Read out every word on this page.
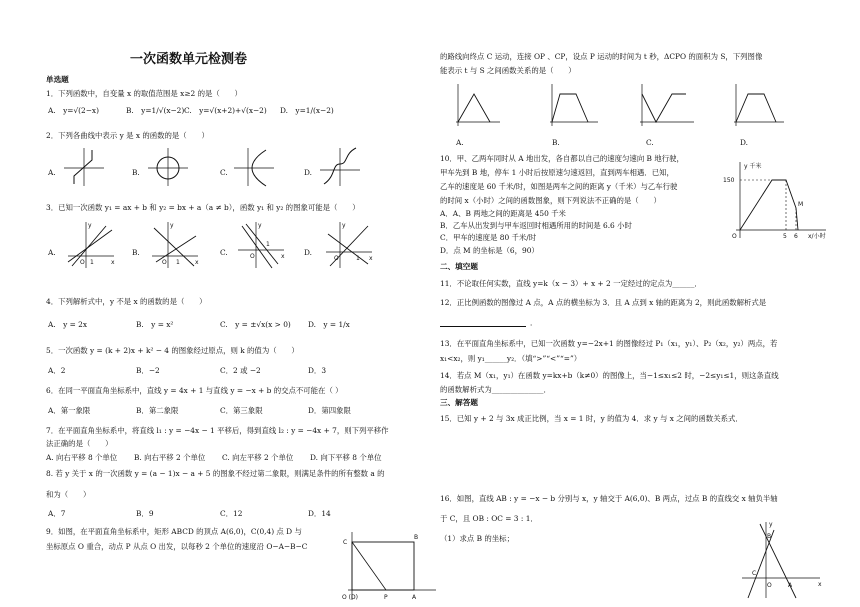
一次函数单元检测卷
单选题
1．下列函数中，自变量 x 的取值范围是 x≥2 的是（　　）
A.　y=√(2−x)	B.　y=1/√(x−2) C.　y=√(x+2)+√(x−2) D.　y=1/(x−2)
2．下列各曲线中表示 y 是 x 的函数的是（　　）
A.	B.	C.	D.
3．已知一次函数 y₁ = ax + b 和 y₂ = bx + a（a ≠ b），函数 y₁ 和 y₂ 的图象可能是（　　）
A.	B.	C.	D.
O 1	x
y
O 1	x
y
O
1
x
y
O	1 x
y
4．下列解析式中，y 不是 x 的函数的是（　　）
A.　y = 2x	B.　y = x²	C.　y = ±√x(x > 0) D.　y = 1/x
5．一次函数 y = (k + 2)x + k² − 4 的图象经过原点，则 k 的值为（　　）
A．2	B．−2	C．2 或 −2	D．3
6．在同一平面直角坐标系中，直线 y = 4x + 1 与直线 y = −x + b 的交点不可能在（ ）
A．第一象限	B．第二象限	C．第三象限	D．第四象限
7．在平面直角坐标系中，将直线 l₁ : y = −4x − 1 平移后，得到直线 l₂ : y = −4x + 7，则下列平移作
法正确的是（　　）
A. 向右平移 8 个单位 B. 向右平移 2 个单位 C. 向左平移 2 个单位 D. 向下平移 8 个单位
8. 若 y 关于 x 的一次函数 y = (a − 1)x − a + 5 的图象不经过第二象限，则满足条件的所有整数 a 的
和为（　　）
A．7	B．9	C．12	D．14
9．如图，在平面直角坐标系中，矩形 ABCD 的顶点 A(6,0)，C(0,4) 点 D 与
坐标原点 O 重合，动点 P 从点 O 出发，以每秒 2 个单位的速度沿 O−A−B−C
B
C
O (D)	P	A
的路线向终点 C 运动，连接 OP 、CP，设点 P 运动的时间为 t 秒，ΔCPO 的面积为 S，下列图像
能表示 t 与 S 之间函数关系的是（　　）
A.	B.	C.	D.
10．甲、乙两车同时从 A 地出发，各自都以自己的速度匀速向 B 地行驶，
甲车先到 B 地，停车 1 小时后按原速匀速返回，直到两车相遇．已知，
乙车的速度是 60 千米/时，如图是两车之间的距离 y（千米）与乙车行驶
的时间 x（小时）之间的函数图象，则下列说法不正确的是（　　）
A．A、B 两地之间的距离是 450 千米
B．乙车从出发到与甲车返回时相遇所用的时间是 6.6 小时
C．甲车的速度是 80 千米/时
D．点 M 的坐标是（6，90）
y 千米
150
5 6
M
O	x/小时
二、填空题
11．不论取任何实数，直线 y=k（x − 3）+ x + 2 一定经过的定点为______．
12．正比例函数的图像过 A 点，A 点的横坐标为 3．且 A 点到 x 轴的距离为 2，则此函数解析式是
．
13．在平面直角坐标系中，已知一次函数 y=−2x+1 的图像经过 P₁（x₁，y₁）、P₂（x₂，y₂）两点，若
x₁<x₂，则 y₁______y₂．（填“>”“<”“=”）
14．若点 M（x₁，y₁）在函数 y=kx+b（k≠0）的图像上，当−1≤x₁≤2 时，−2≤y₁≤1，则这条直线
的函数解析式为______________．
三、解答题
15．已知 y + 2 与 3x 成正比例，当 x = 1 时，y 的值为 4．求 y 与 x 之间的函数关系式．
16．如图，直线 AB : y = −x − b 分别与 x，y 轴交于 A(6,0)、B 两点，过点 B 的直线交 x 轴负半轴
于 C，且 OB : OC = 3 : 1．
（1）求点 B 的坐标；	B
C
O	A	x
y
